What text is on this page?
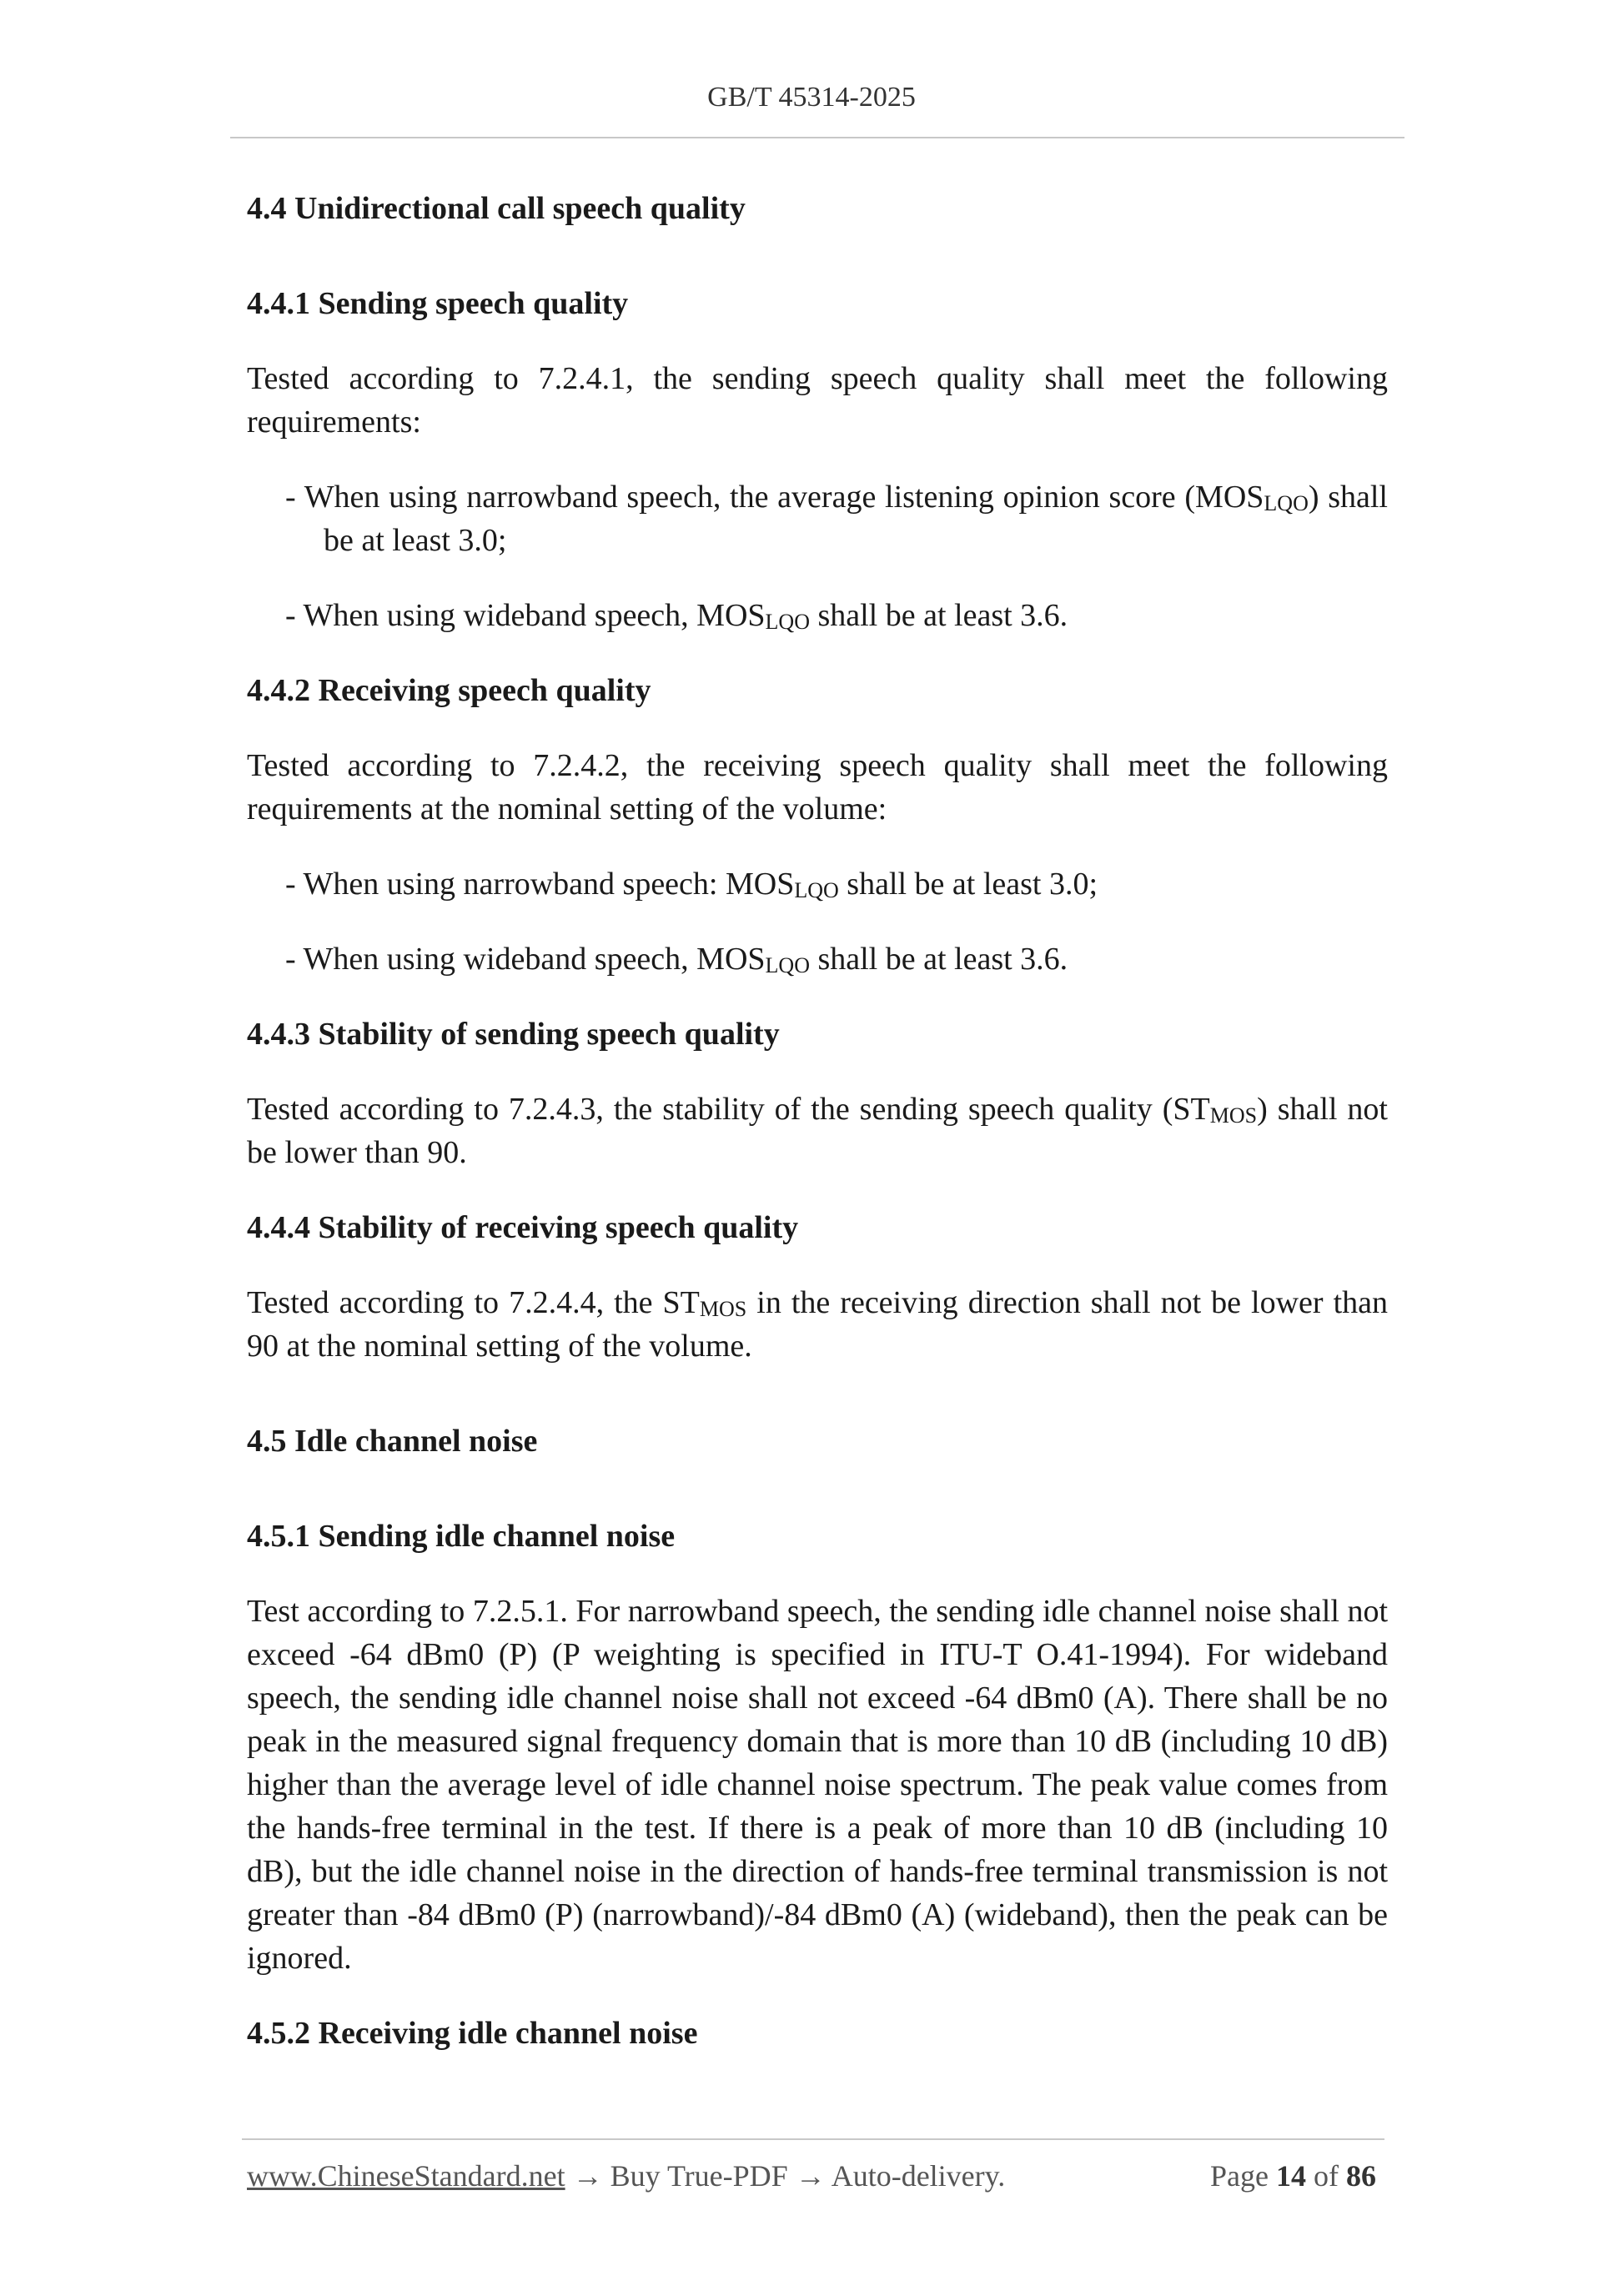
GB/T 45314-2025
4.4 Unidirectional call speech quality
4.4.1 Sending speech quality

Tested according to 7.2.4.1, the sending speech quality shall meet the following requirements:

- When using narrowband speech, the average listening opinion score (MOSLQO) shall be at least 3.0;
- When using wideband speech, MOSLQO shall be at least 3.6.
4.4.2 Receiving speech quality

Tested according to 7.2.4.2, the receiving speech quality shall meet the following requirements at the nominal setting of the volume:

- When using narrowband speech: MOSLQO shall be at least 3.0;
- When using wideband speech, MOSLQO shall be at least 3.6.
4.4.3 Stability of sending speech quality

Tested according to 7.2.4.3, the stability of the sending speech quality (STMOS) shall not be lower than 90.

4.4.4 Stability of receiving speech quality

Tested according to 7.2.4.4, the STMOS in the receiving direction shall not be lower than 90 at the nominal setting of the volume.

4.5 Idle channel noise
4.5.1 Sending idle channel noise

Test according to 7.2.5.1. For narrowband speech, the sending idle channel noise shall not exceed -64 dBm0 (P) (P weighting is specified in ITU-T O.41-1994). For wideband speech, the sending idle channel noise shall not exceed -64 dBm0 (A). There shall be no peak in the measured signal frequency domain that is more than 10 dB (including 10 dB) higher than the average level of idle channel noise spectrum. The peak value comes from the hands-free terminal in the test. If there is a peak of more than 10 dB (including 10 dB), but the idle channel noise in the direction of hands-free terminal transmission is not greater than -84 dBm0 (P) (narrowband)/-84 dBm0 (A) (wideband), then the peak can be ignored.

4.5.2 Receiving idle channel noise
www.ChineseStandard.net → Buy True-PDF → Auto-delivery.	Page 14 of 86
